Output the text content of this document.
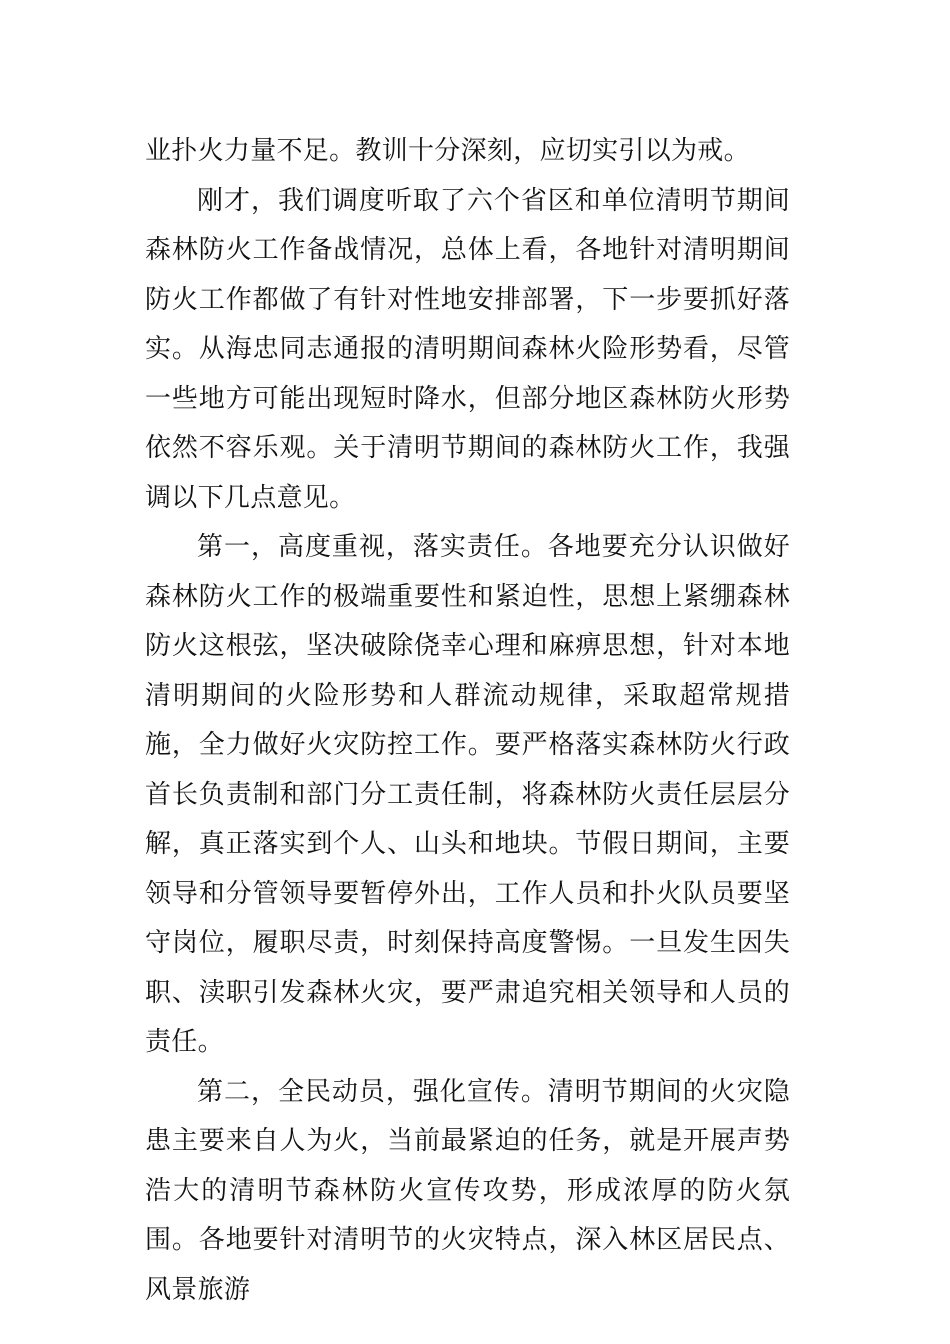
业扑火力量不足。教训十分深刻，应切实引以为戒。

刚才，我们调度听取了六个省区和单位清明节期间森林防火工作备战情况，总体上看，各地针对清明期间防火工作都做了有针对性地安排部署，下一步要抓好落实。从海忠同志通报的清明期间森林火险形势看，尽管一些地方可能出现短时降水，但部分地区森林防火形势依然不容乐观。关于清明节期间的森林防火工作，我强调以下几点意见。

第一，高度重视，落实责任。各地要充分认识做好森林防火工作的极端重要性和紧迫性，思想上紧绷森林防火这根弦，坚决破除侥幸心理和麻痹思想，针对本地清明期间的火险形势和人群流动规律，采取超常规措施，全力做好火灾防控工作。要严格落实森林防火行政首长负责制和部门分工责任制，将森林防火责任层层分解，真正落实到个人、山头和地块。节假日期间，主要领导和分管领导要暂停外出，工作人员和扑火队员要坚守岗位，履职尽责，时刻保持高度警惕。一旦发生因失职、渎职引发森林火灾，要严肃追究相关领导和人员的责任。

第二，全民动员，强化宣传。清明节期间的火灾隐患主要来自人为火，当前最紧迫的任务，就是开展声势浩大的清明节森林防火宣传攻势，形成浓厚的防火氛围。各地要针对清明节的火灾特点，深入林区居民点、风景旅游
